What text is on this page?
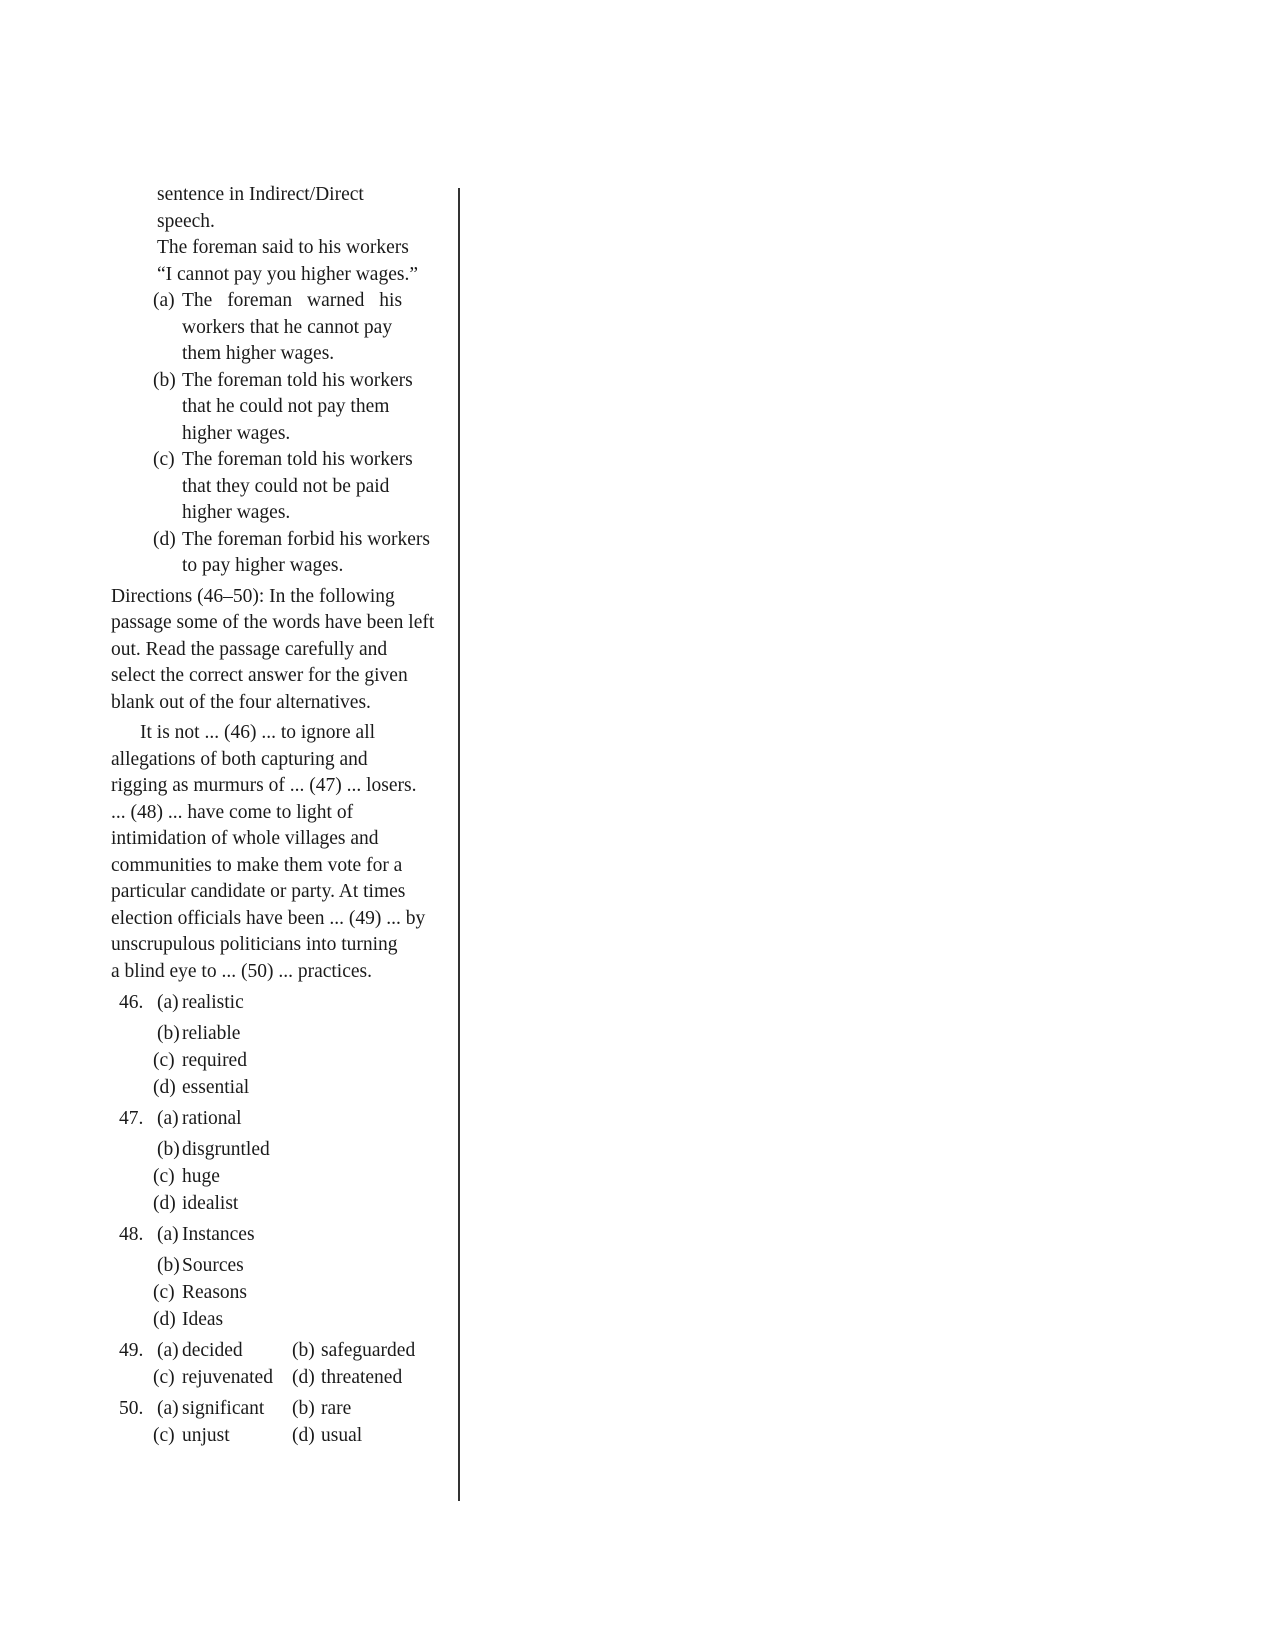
sentence in Indirect/Direct
speech.
The foreman said to his workers
“I cannot pay you higher wages.”
(a) The foreman warned his
workers that he cannot pay
them higher wages.
(b) The foreman told his workers
that he could not pay them
higher wages.
(c) The foreman told his workers
that they could not be paid
higher wages.
(d) The foreman forbid his workers
to pay higher wages.
Directions (46–50): In the following
passage some of the words have been left
out. Read the passage carefully and
select the correct answer for the given
blank out of the four alternatives.
It is not ... (46) ... to ignore all
allegations of both capturing and
rigging as murmurs of ... (47) ... losers.
... (48) ... have come to light of
intimidation of whole villages and
communities to make them vote for a
particular candidate or party. At times
election officials have been ... (49) ... by
unscrupulous politicians into turning
a blind eye to ... (50) ... practices.
46. (a) realistic
(b) reliable
(c) required
(d) essential
47. (a) rational
(b) disgruntled
(c) huge
(d) idealist
48. (a) Instances
(b) Sources
(c) Reasons
(d) Ideas
49. (a) decided	(b) safeguarded
(c) rejuvenated (d) threatened
50. (a) significant (b) rare
(c) unjust	(d) usual
